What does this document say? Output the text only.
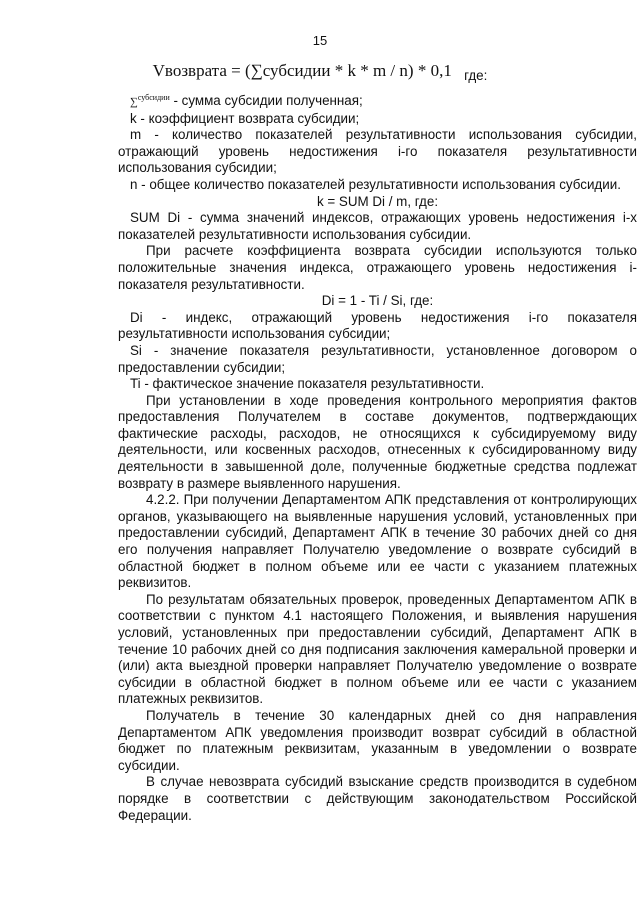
15
Vвозврата = (∑субсидии * k * m / n) * 0,1 $_{где:}$

$\sum_{субсидии}$ - сумма субсидии полученная;

k - коэффициент возврата субсидии;

m - количество показателей результативности использования субсидии, отражающий уровень недостижения i-го показателя результативности использования субсидии;

n - общее количество показателей результативности использования субсидии.

k = SUM Di / m, где:

SUM Di - сумма значений индексов, отражающих уровень недостижения i-х показателей результативности использования субсидии.

При расчете коэффициента возврата субсидии используются только положительные значения индекса, отражающего уровень недостижения i-показателя результативности.

Di = 1 - Ti / Si, где:

Di - индекс, отражающий уровень недостижения i-го показателя результативности использования субсидии;

Si - значение показателя результативности, установленное договором о предоставлении субсидии;

Ti - фактическое значение показателя результативности.

При установлении в ходе проведения контрольного мероприятия фактов предоставления Получателем в составе документов, подтверждающих фактические расходы, расходов, не относящихся к субсидируемому виду деятельности, или косвенных расходов, отнесенных к субсидированному виду деятельности в завышенной доле, полученные бюджетные средства подлежат возврату в размере выявленного нарушения.

4.2.2. При получении Департаментом АПК представления от контролирующих органов, указывающего на выявленные нарушения условий, установленных при предоставлении субсидий, Департамент АПК в течение 30 рабочих дней со дня его получения направляет Получателю уведомление о возврате субсидий в областной бюджет в полном объеме или ее части с указанием платежных реквизитов.

По результатам обязательных проверок, проведенных Департаментом АПК в соответствии с пунктом 4.1 настоящего Положения, и выявления нарушения условий, установленных при предоставлении субсидий, Департамент АПК в течение 10 рабочих дней со дня подписания заключения камеральной проверки и (или) акта выездной проверки направляет Получателю уведомление о возврате субсидии в областной бюджет в полном объеме или ее части с указанием платежных реквизитов.

Получатель в течение 30 календарных дней со дня направления Департаментом АПК уведомления производит возврат субсидий в областной бюджет по платежным реквизитам, указанным в уведомлении о возврате субсидии.

В случае невозврата субсидий взыскание средств производится в судебном порядке в соответствии с действующим законодательством Российской Федерации.
